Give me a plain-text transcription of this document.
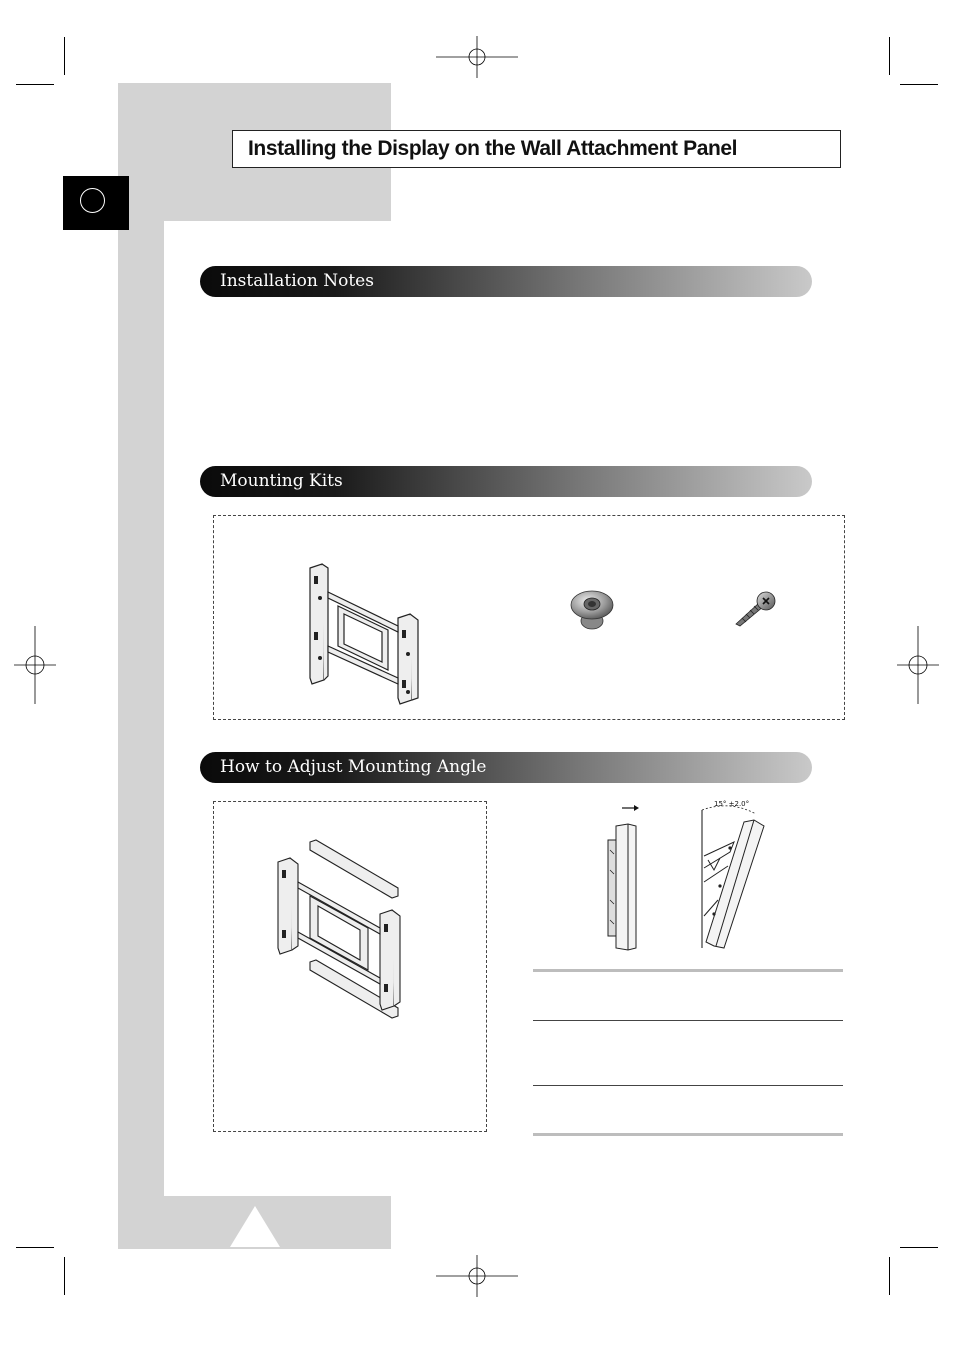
Installing the Display on the Wall Attachment Panel
Installation Notes
Mounting Kits
How to Adjust Mounting Angle
15° ±2.0°
